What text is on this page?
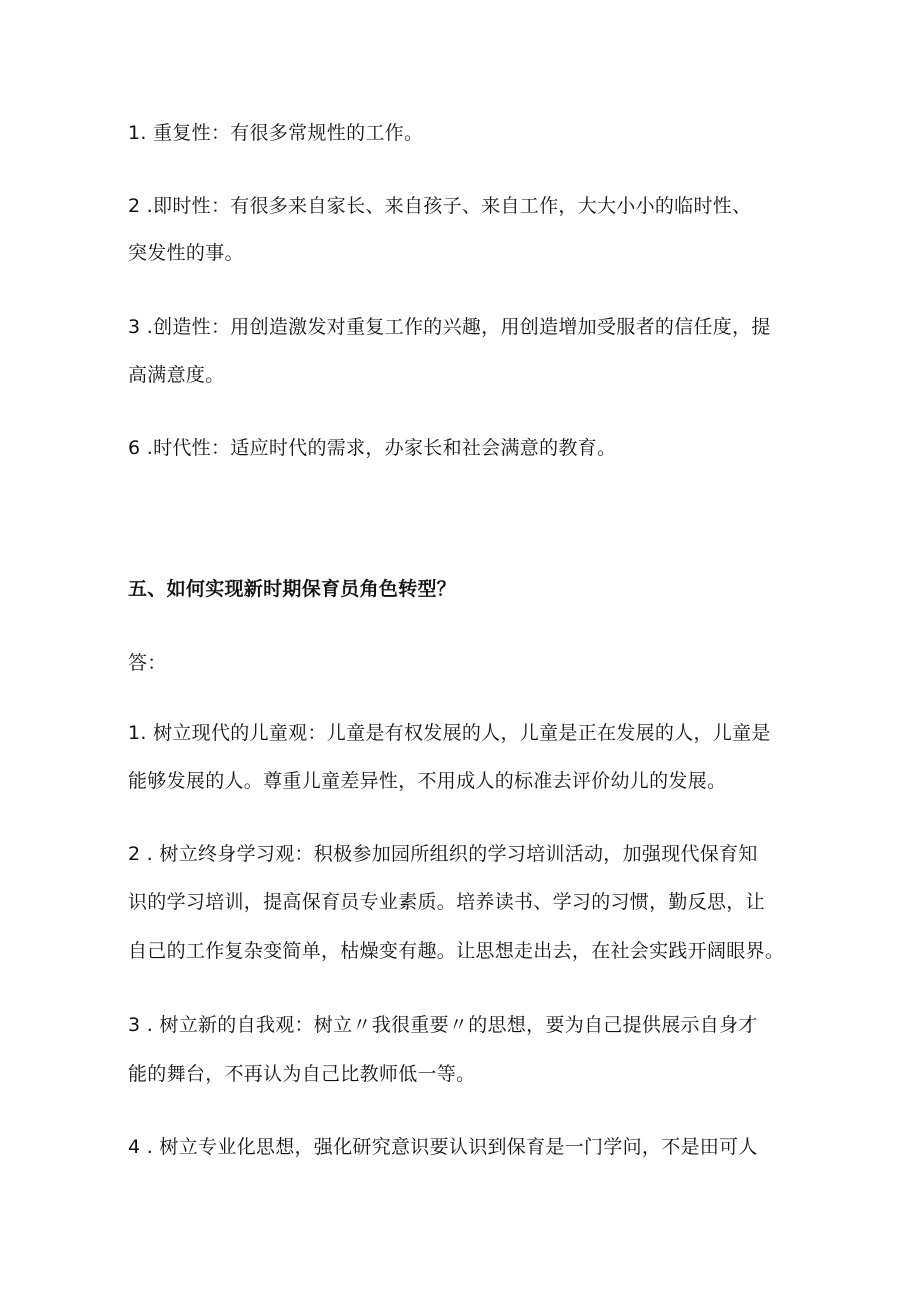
1. 重复性：有很多常规性的工作。
2 .即时性：有很多来自家长、来自孩子、来自工作，大大小小的临时性、
突发性的事。
3 .创造性：用创造激发对重复工作的兴趣，用创造增加受服者的信任度，提
高满意度。
6 .时代性：适应时代的需求，办家长和社会满意的教育。
五、如何实现新时期保育员角色转型？
答：
1. 树立现代的儿童观：儿童是有权发展的人，儿童是正在发展的人，儿童是
能够发展的人。尊重儿童差异性，不用成人的标准去评价幼儿的发展。
2 . 树立终身学习观：积极参加园所组织的学习培训活动，加强现代保育知
识的学习培训，提高保育员专业素质。培养读书、学习的习惯，勤反思，让
自己的工作复杂变简单，枯燥变有趣。让思想走出去，在社会实践开阔眼界。
3 . 树立新的自我观：树立〃我很重要〃的思想，要为自己提供展示自身才
能的舞台，不再认为自己比教师低一等。
4 . 树立专业化思想，强化研究意识要认识到保育是一门学问，不是田可人
